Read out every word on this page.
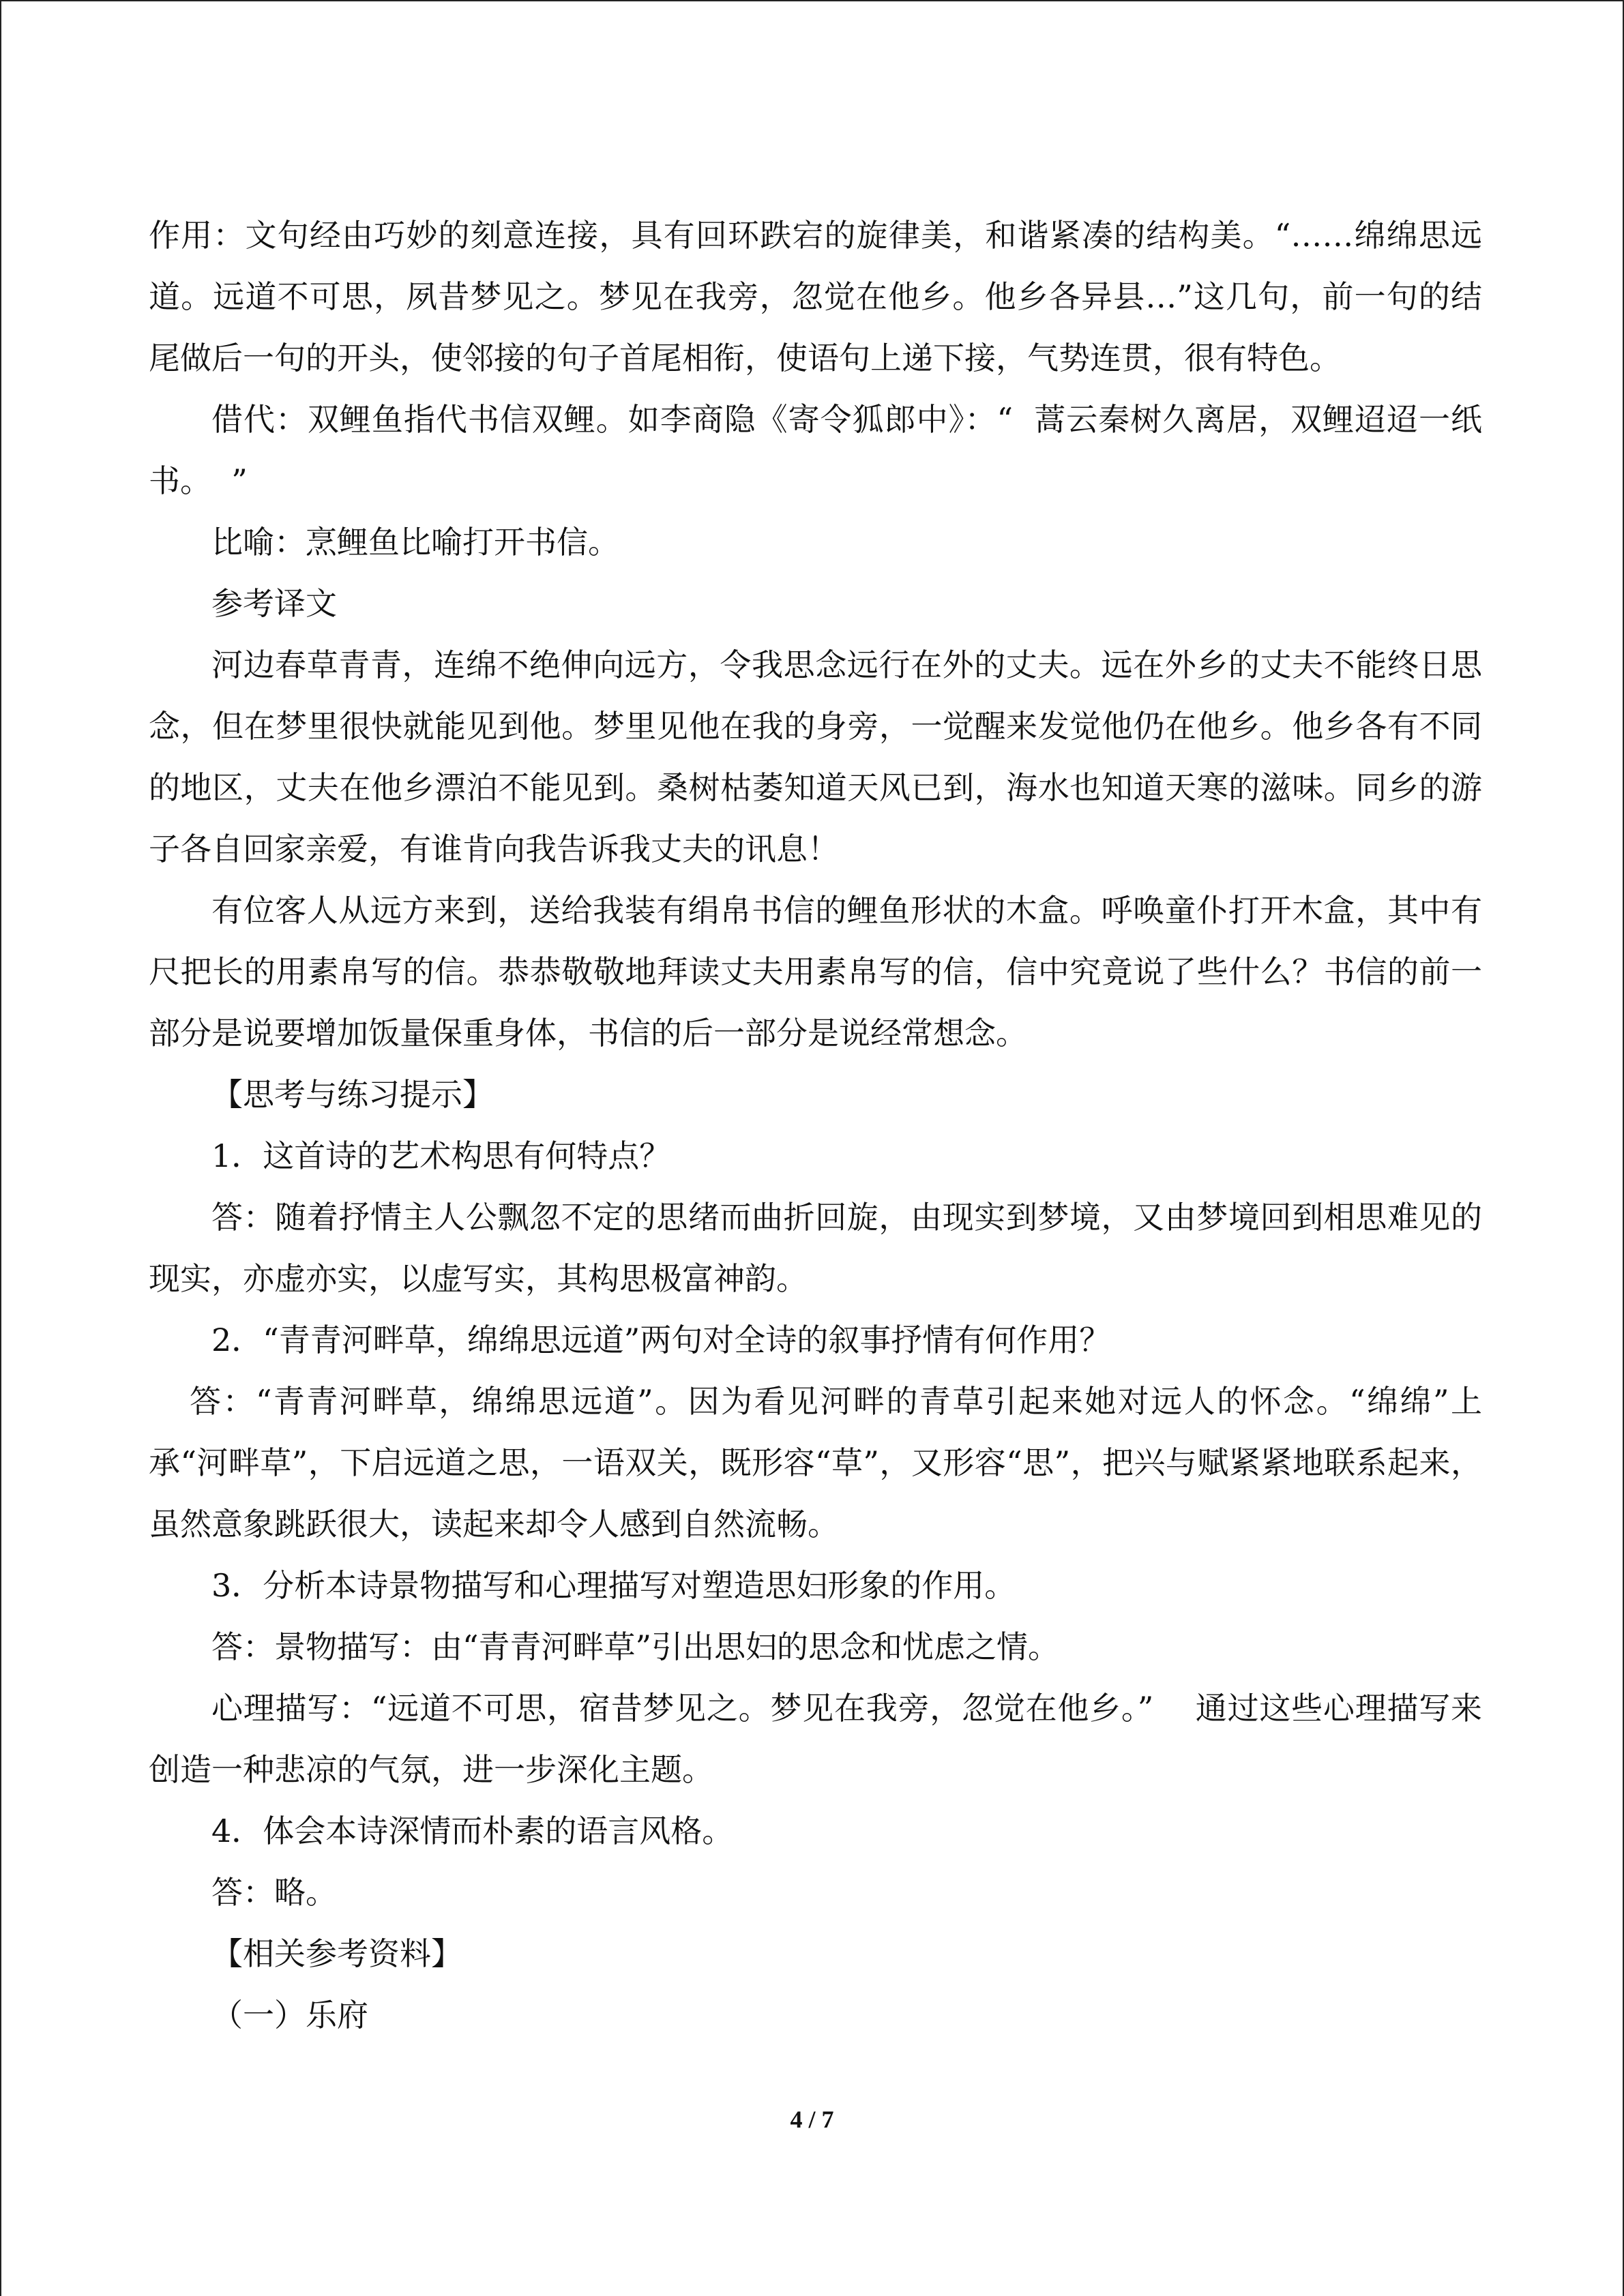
作用：文句经由巧妙的刻意连接，具有回环跌宕的旋律美，和谐紧凑的结构美。“……绵绵思远道。远道不可思，夙昔梦见之。梦见在我旁，忽觉在他乡。他乡各异县…”这几句，前一句的结尾做后一句的开头，使邻接的句子首尾相衔，使语句上递下接，气势连贯，很有特色。

借代：双鲤鱼指代书信双鲤。如李商隐《寄令狐郎中》：“  蒿云秦树久离居，双鲤迢迢一纸书。  ”

比喻：烹鲤鱼比喻打开书信。

参考译文

河边春草青青，连绵不绝伸向远方，令我思念远行在外的丈夫。远在外乡的丈夫不能终日思念，但在梦里很快就能见到他。梦里见他在我的身旁，一觉醒来发觉他仍在他乡。他乡各有不同的地区，丈夫在他乡漂泊不能见到。桑树枯萎知道天风已到，海水也知道天寒的滋味。同乡的游子各自回家亲爱，有谁肯向我告诉我丈夫的讯息！

有位客人从远方来到，送给我装有绢帛书信的鲤鱼形状的木盒。呼唤童仆打开木盒，其中有尺把长的用素帛写的信。恭恭敬敬地拜读丈夫用素帛写的信，信中究竟说了些什么？书信的前一部分是说要增加饭量保重身体，书信的后一部分是说经常想念。

【思考与练习提示】

1．这首诗的艺术构思有何特点？

答：随着抒情主人公飘忽不定的思绪而曲折回旋，由现实到梦境，又由梦境回到相思难见的现实，亦虚亦实，以虚写实，其构思极富神韵。

2．“青青河畔草，绵绵思远道”两句对全诗的叙事抒情有何作用？

答：“青青河畔草，绵绵思远道”。因为看见河畔的青草引起来她对远人的怀念。“绵绵”上承“河畔草”，下启远道之思，一语双关，既形容“草”，又形容“思”，把兴与赋紧紧地联系起来，虽然意象跳跃很大，读起来却令人感到自然流畅。

3．分析本诗景物描写和心理描写对塑造思妇形象的作用。

答：景物描写：由“青青河畔草”引出思妇的思念和忧虑之情。

心理描写：“远道不可思，宿昔梦见之。梦见在我旁，忽觉在他乡。”    通过这些心理描写来创造一种悲凉的气氛，进一步深化主题。

4．体会本诗深情而朴素的语言风格。

答：略。

【相关参考资料】

（一）乐府

4 / 7
